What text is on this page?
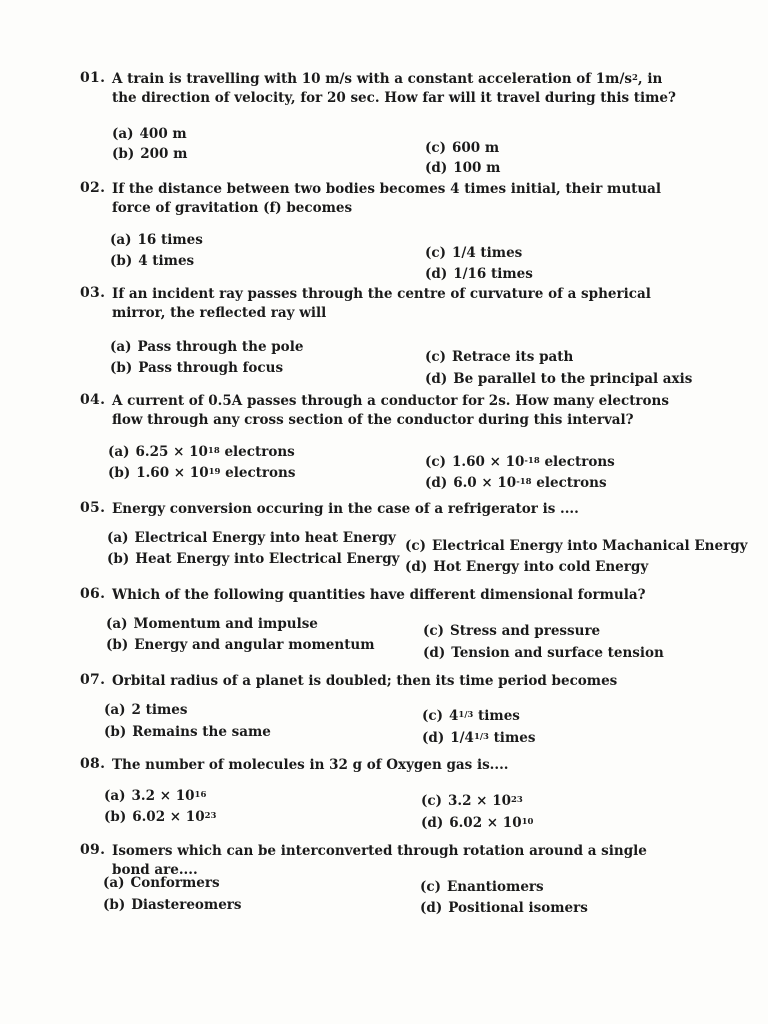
01. A train is travelling with 10 m/s with a constant acceleration of $1m/s^2$, in the direction of velocity, for 20 sec. How far will it travel during this time?
(a) 400 m
(b) 200 m	(c) 600 m
(d) 100 m
02. If the distance between two bodies becomes 4 times initial, their mutual force of gravitation (f) becomes
(a) 16 times
(b) 4 times	(c) 1/4 times
(d) 1/16 times
03. If an incident ray passes through the centre of curvature of a spherical mirror, the reflected ray will
(a) Pass through the pole
(b) Pass through focus
(c) Retrace its path
(d) Be parallel to the principal axis
04. A current of 0.5A passes through a conductor for 2s. How many electrons flow through any cross section of the conductor during this interval?
(a) $6.25 \times 10^{18}$ electrons
(b) $1.60 \times 10^{19}$ electrons
(c) $1.60 \times 10^{-18}$ electrons
(d) $6.0 \times 10^{-18}$ electrons
05. Energy conversion occuring in the case of a refrigerator is ....
(a) Electrical Energy into heat Energy
(b) Heat Energy into Electrical Energy
(c) Electrical Energy into Machanical Energy
(d) Hot Energy into cold Energy
06. Which of the following quantities have different dimensional formula?
(a) Momentum and impulse
(b) Energy and angular momentum
(c) Stress and pressure
(d) Tension and surface tension
07. Orbital radius of a planet is doubled; then its time period becomes
(a) 2 times
(b) Remains the same
(c) $4^{1/3}$ times
(d) $1/4^{1/3}$ times
08. The number of molecules in 32 g of Oxygen gas is....
(a) $3.2 \times 10^{16}$
(b) $6.02 \times 10^{23}$
(c) $3.2 \times 10^{23}$
(d) $6.02 \times 10^{10}$
09. Isomers which can be interconverted through rotation around a single bond are....
(a) Conformers
(b) Diastereomers
(c) Enantiomers
(d) Positional isomers
